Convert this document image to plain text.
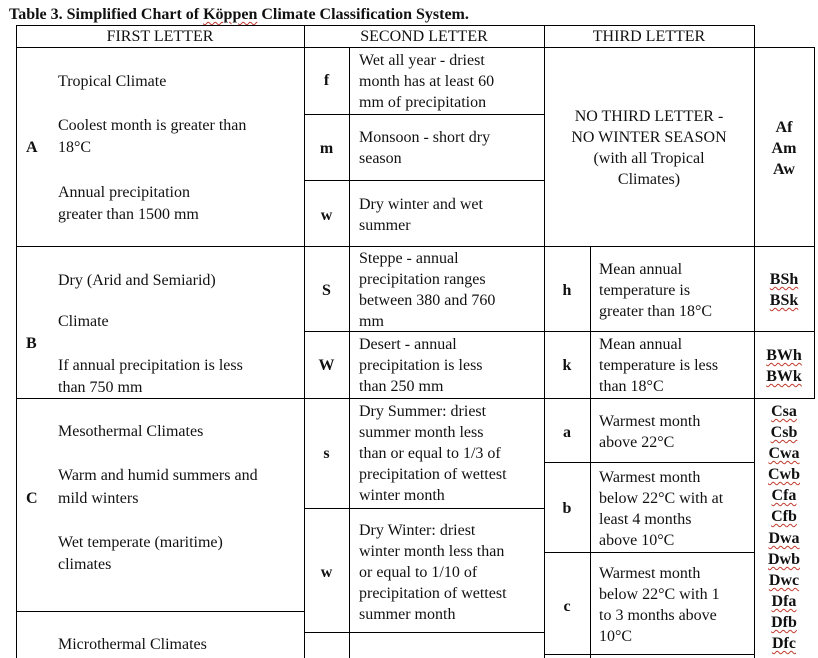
Table 3. Simplified Chart of Köppen Climate Classification System.
FIRST LETTER	SECOND LETTER	THIRD LETTER
A
Tropical Climate
Coolest month is greater than
18°C
Annual precipitation
greater than 1500 mm
f
Wet all year - driest
month has at least 60
mm of precipitation
m
Monsoon - short dry
season
w
Dry winter and wet
summer
NO THIRD LETTER -
NO WINTER SEASON
(with all Tropical
Climates)
Af
Am
Aw
B
Dry (Arid and Semiarid)
Climate
If annual precipitation is less
than 750 mm
S
Steppe - annual
precipitation ranges
between 380 and 760
mm
h
Mean annual
temperature is
greater than 18°C
BSh
BSk
W
Desert - annual
precipitation is less
than 250 mm
k
Mean annual
temperature is less
than 18°C
BWh
BWk
C
Mesothermal Climates
Warm and humid summers and
mild winters
Wet temperate (maritime)
climates
s
Dry Summer: driest
summer month less
than or equal to 1/3 of
precipitation of wettest
winter month
w
Dry Winter: driest
winter month less than
or equal to 1/10 of
precipitation of wettest
summer month
a
Warmest month
above 22°C
b
Warmest month
below 22°C with at
least 4 months
above 10°C
c
Warmest month
below 22°C with 1
to 3 months above
10°C
Csa
Csb
Cwa
Cwb
Cfa
Cfb
Dwa
Dwb
Dwc
Dfa
Dfb
Dfc
Microthermal Climates
